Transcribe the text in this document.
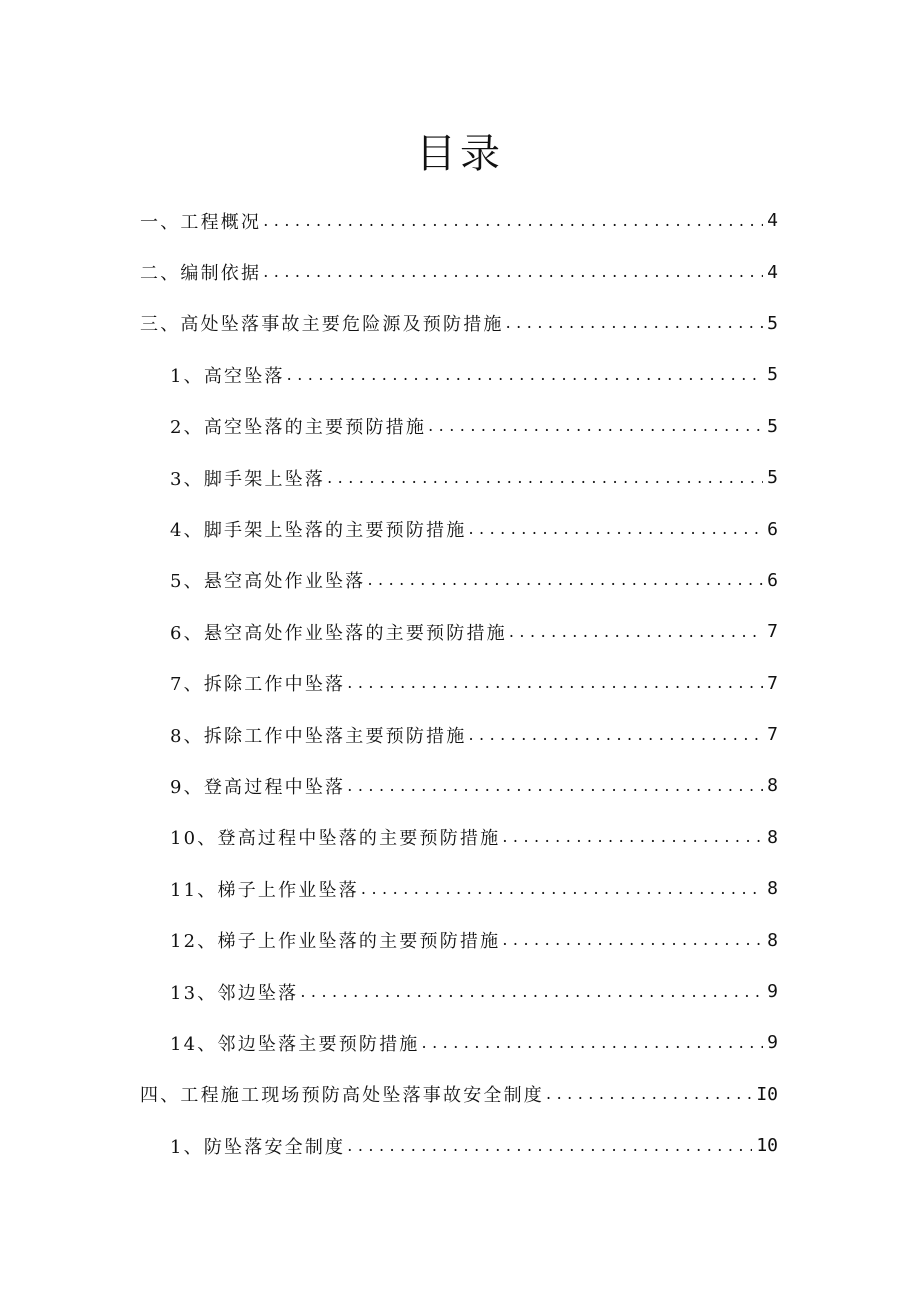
目录
一、工程概况 . . .	4
二、编制依据 . . .	4
三、高处坠落事故主要危险源及预防措施 . . .	5
1、高空坠落 . . .	5
2、高空坠落的主要预防措施 . . .	5
3、脚手架上坠落 . . .	5
4、脚手架上坠落的主要预防措施 . . .	6
5、悬空高处作业坠落 . . .	6
6、悬空高处作业坠落的主要预防措施 . . .	7
7、拆除工作中坠落 . . .	7
8、拆除工作中坠落主要预防措施 . . .	7
9、登高过程中坠落 . . .	8
10、登高过程中坠落的主要预防措施 . . .	8
11、梯子上作业坠落 . . .	8
12、梯子上作业坠落的主要预防措施 . . .	8
13、邻边坠落 . . .	9
14、邻边坠落主要预防措施 . . .	9
四、工程施工现场预防高处坠落事故安全制度 . . .	I0
1、防坠落安全制度 . . .	10
